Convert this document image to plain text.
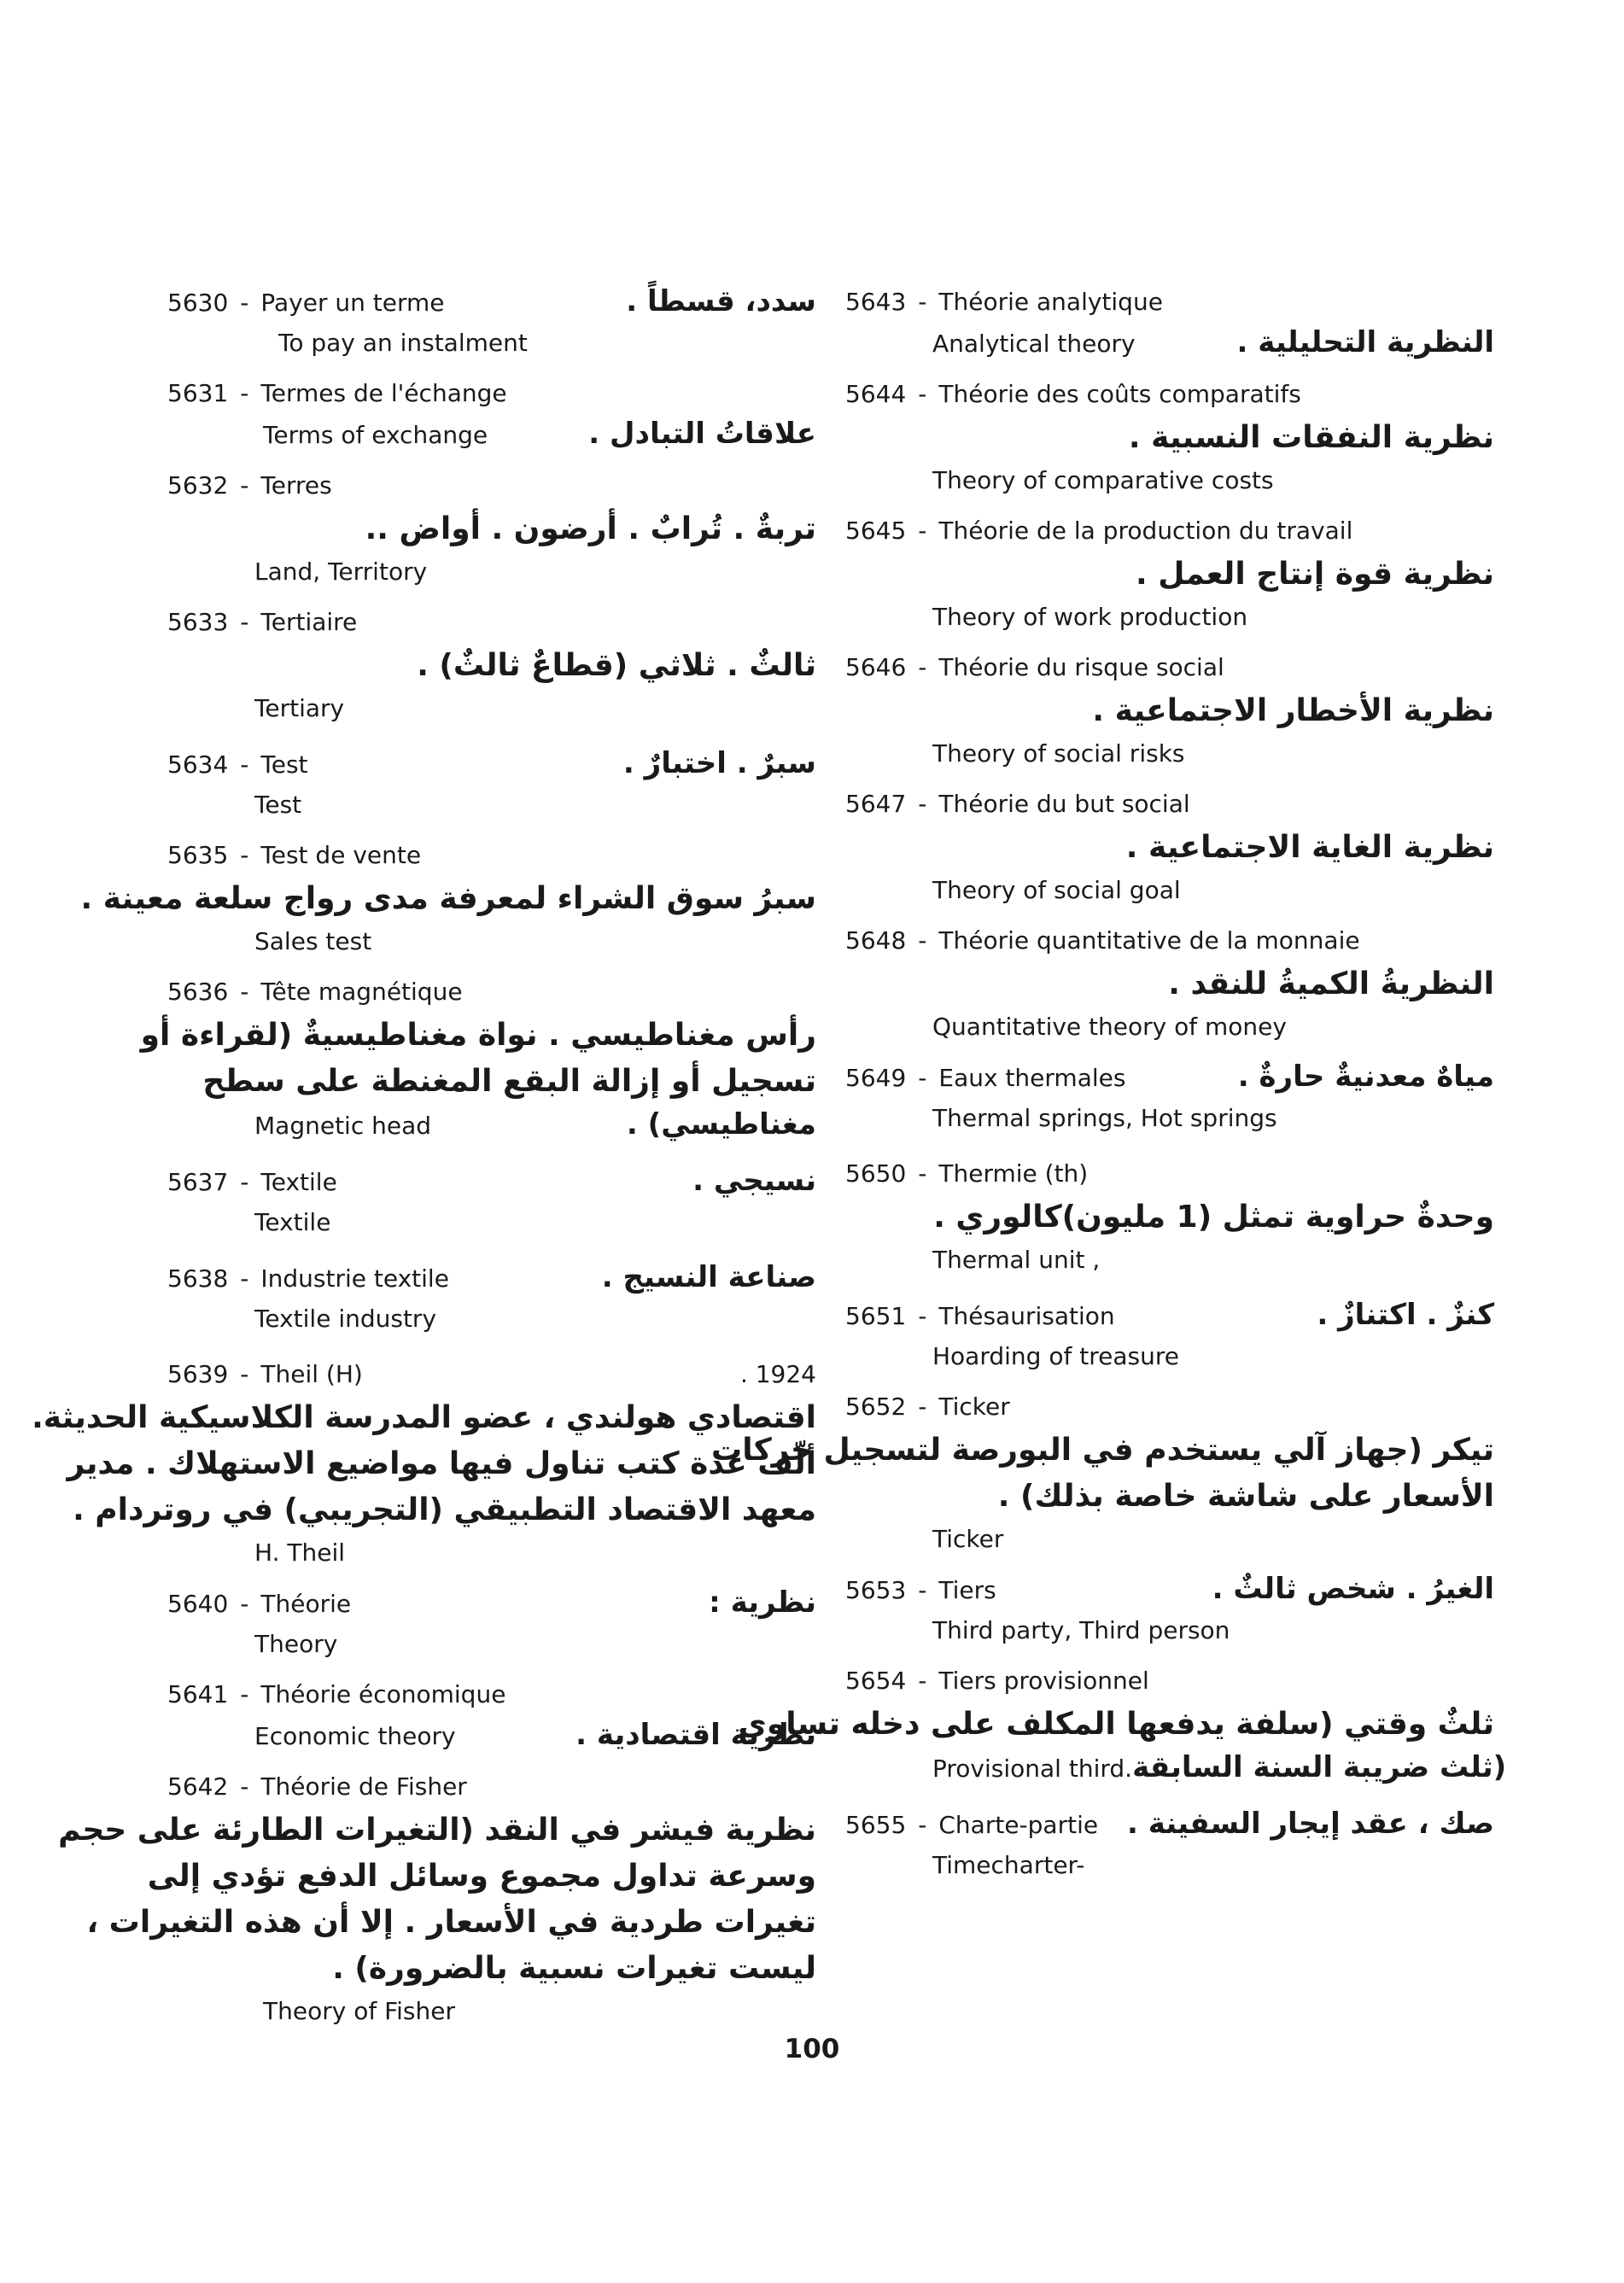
5630 - Payer un terme	سدد، قسطاً .
To pay an instalment
5631 - Termes de l'échange
Terms of exchange	علاقاتُ التبادل .
5632 - Terres
تربةٌ . تُرابٌ . أرضون . أواض ..
Land, Territory
5633 - Tertiaire
ثالثٌ . ثلاثي (قطاعٌ ثالثٌ) .
Tertiary
5634 - Test	سبرٌ . اختبارٌ .
Test
5635 - Test de vente
سبرُ سوق الشراء لمعرفة مدى رواج سلعة معينة .
Sales test
5636 - Tête magnétique
رأس مغناطيسي . نواة مغناطيسيةٌ (لقراءة أو
تسجيل أو إزالة البقع المغنطة على سطح
Magnetic head	مغناطيسي) .
5637 - Textile	نسيجي .
Textile
5638 - Industrie textile	صناعة النسيج .
Textile industry
5639 - Theil (H)	. 1924
اقتصادي هولندي ، عضو المدرسة الكلاسيكية الحديثة.
ألّف عدة كتب تناول فيها مواضيع الاستهلاك . مدير
معهد الاقتصاد التطبيقي (التجريبي) في روتردام .
H. Theil
5640 - Théorie	نظرية :
Theory
5641 - Théorie économique
Economic theory	نظرية اقتصادية .
5642 - Théorie de Fisher
نظرية فيشر في النقد (التغيرات الطارئة على حجم
وسرعة تداول مجموع وسائل الدفع تؤدي إلى
تغيرات طردية في الأسعار . إلا أن هذه التغيرات ،
ليست تغيرات نسبية بالضرورة) .
Theory of Fisher
5643 - Théorie analytique
Analytical theory	النظرية التحليلية .
5644 - Théorie des coûts comparatifs
نظرية النفقات النسبية .
Theory of comparative costs
5645 - Théorie de la production du travail
نظرية قوة إنتاج العمل .
Theory of work production
5646 - Théorie du risque social
نظرية الأخطار الاجتماعية .
Theory of social risks
5647 - Théorie du but social
نظرية الغاية الاجتماعية .
Theory of social goal
5648 - Théorie quantitative de la monnaie
النظريةُ الكميةُ للنقد .
Quantitative theory of money
5649 - Eaux thermales	مياهٌ معدنيةٌ حارةٌ .
Thermal springs, Hot springs
5650 - Thermie (th)
وحدةٌ حراوية تمثل (1 مليون)كالوري .
Thermal unit ,
5651 - Thésaurisation	كنزٌ . اكتنازٌ .
Hoarding of treasure
5652 - Ticker
تيكر (جهاز آلي يستخدم في البورصة لتسجيل حركات
الأسعار على شاشة خاصة بذلك) .
Ticker
5653 - Tiers	الغيرُ . شخص ثالثٌ .
Third party, Third person
5654 - Tiers provisionnel
ثلثٌ وقتي (سلفة يدفعها المكلف على دخله تساوي
Provisional third. (ثلث ضريبة السنة السابقة
5655 - Charte-partie صك ، عقد إيجار السفينة .
Timecharter-
100
